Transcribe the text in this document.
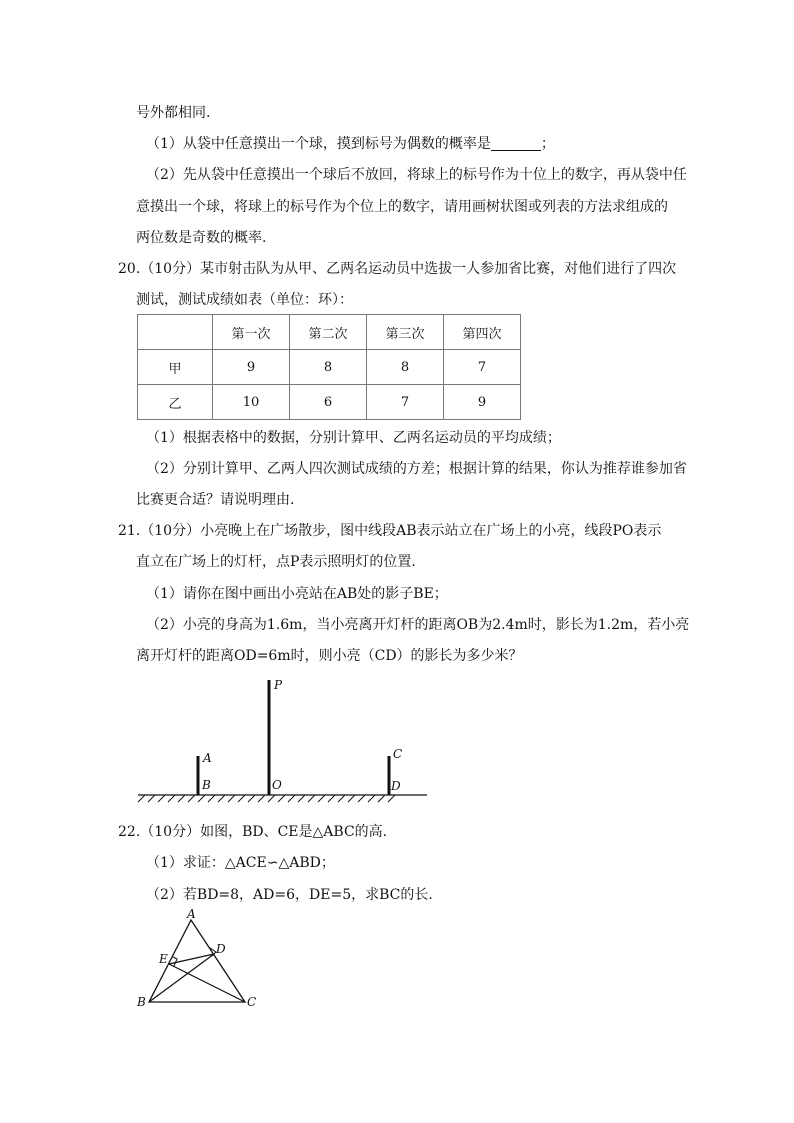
号外都相同.
（1）从袋中任意摸出一个球，摸到标号为偶数的概率是	；
（2）先从袋中任意摸出一个球后不放回，将球上的标号作为十位上的数字，再从袋中任
意摸出一个球，将球上的标号作为个位上的数字，请用画树状图或列表的方法求组成的
两位数是奇数的概率.
20.（10分）某市射击队为从甲、乙两名运动员中选拔一人参加省比赛，对他们进行了四次
测试，测试成绩如表（单位：环）：
	第一次	第二次	第三次	第四次
甲	9	8	8	7
乙	10	6	7	9
（1）根据表格中的数据，分别计算甲、乙两名运动员的平均成绩；
（2）分别计算甲、乙两人四次测试成绩的方差；根据计算的结果，你认为推荐谁参加省
比赛更合适？请说明理由.
21.（10分）小亮晚上在广场散步，图中线段AB表示站立在广场上的小亮，线段PO表示
直立在广场上的灯杆，点P表示照明灯的位置.
（1）请你在图中画出小亮站在AB处的影子BE；
（2）小亮的身高为1.6m，当小亮离开灯杆的距离OB为2.4m时，影长为1.2m，若小亮
离开灯杆的距离OD=6m时，则小亮（CD）的影长为多少米？
P
A
B	O
C
D
22.（10分）如图，BD、CE是△ABC的高.
（1）求证：△ACE∽△ABD；
（2）若BD=8，AD=6，DE=5，求BC的长.
A
D
E
B	C
